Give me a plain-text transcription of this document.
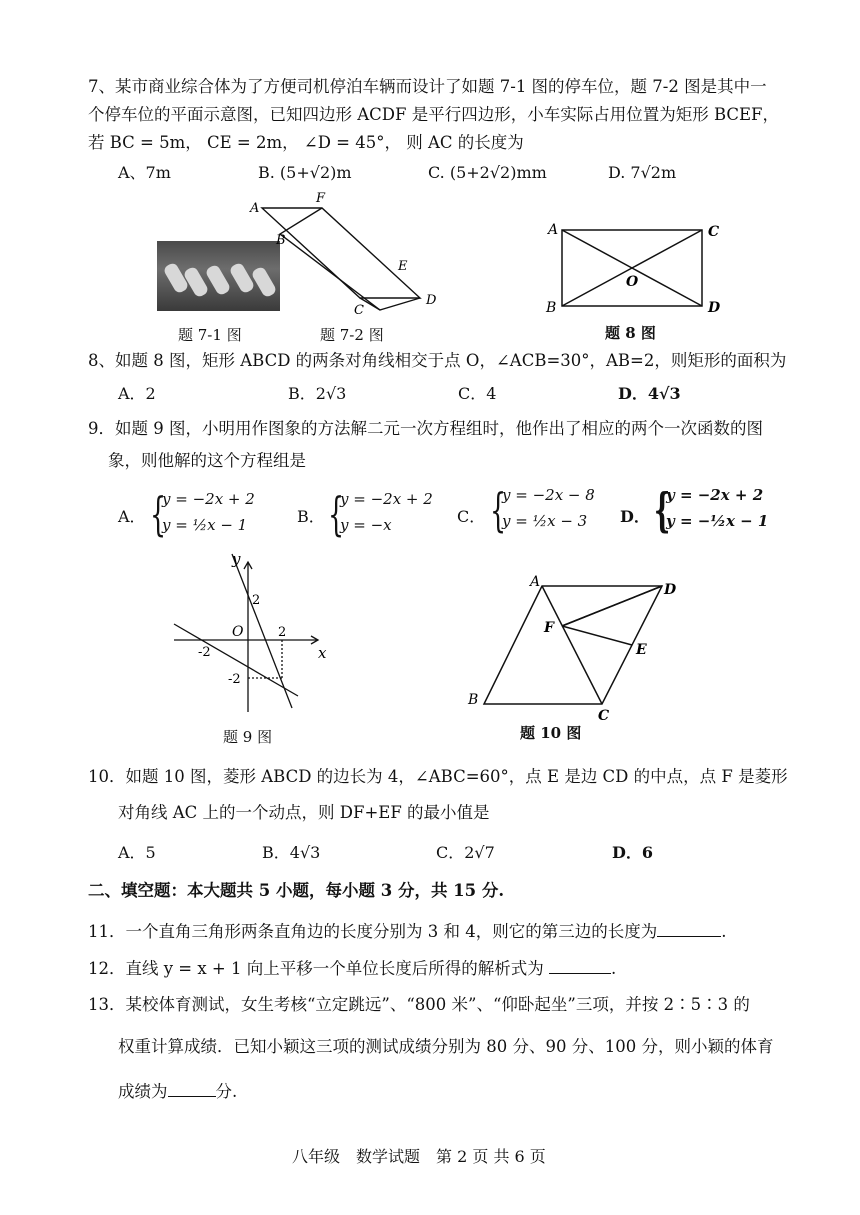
7、某市商业综合体为了方便司机停泊车辆而设计了如题 7-1 图的停车位，题 7-2 图是其中一
个停车位的平面示意图，已知四边形 ACDF 是平行四边形，小车实际占用位置为矩形 BCEF，
若 BC = 5m， CE = 2m， ∠D = 45°， 则 AC 的长度为
A、7m	B. (5+√2)m	C. (5+2√2)mm	D. 7√2m
A
F
B
E
C
D
题 7-1 图	题 7-2 图
A	C
B	D
O
题 8 图
8、如题 8 图，矩形 ABCD 的两条对角线相交于点 O，∠ACB=30°，AB=2，则矩形的面积为
A．2	B．2√3	C．4	D．4√3
9．如题 9 图，小明用作图象的方法解二元一次方程组时，他作出了相应的两个一次函数的图
象，则他解的这个方程组是
A． {
y = −2x + 2
y = ½x − 1	B． {
y = −2x + 2
y = −x	C． {
y = −2x − 8
y = ½x − 3 D． {
y = −2x + 2
y = −½x − 1
y
x
O
2
2
-2
-2
题 9 图
A	D
F
E
B
C
题 10 图
10．如题 10 图，菱形 ABCD 的边长为 4，∠ABC=60°，点 E 是边 CD 的中点，点 F 是菱形
对角线 AC 上的一个动点，则 DF+EF 的最小值是
A．5	B．4√3	C．2√7	D．6
二、填空题：本大题共 5 小题，每小题 3 分，共 15 分.
11．一个直角三角形两条直角边的长度分别为 3 和 4，则它的第三边的长度为	.
12．直线 y = x + 1 向上平移一个单位长度后所得的解析式为	.
13．某校体育测试，女生考核“立定跳远”、“800 米”、“仰卧起坐”三项，并按 2∶5∶3 的
权重计算成绩．已知小颖这三项的测试成绩分别为 80 分、90 分、100 分，则小颖的体育
成绩为	分.
八年级　数学试题　第 2 页 共 6 页
